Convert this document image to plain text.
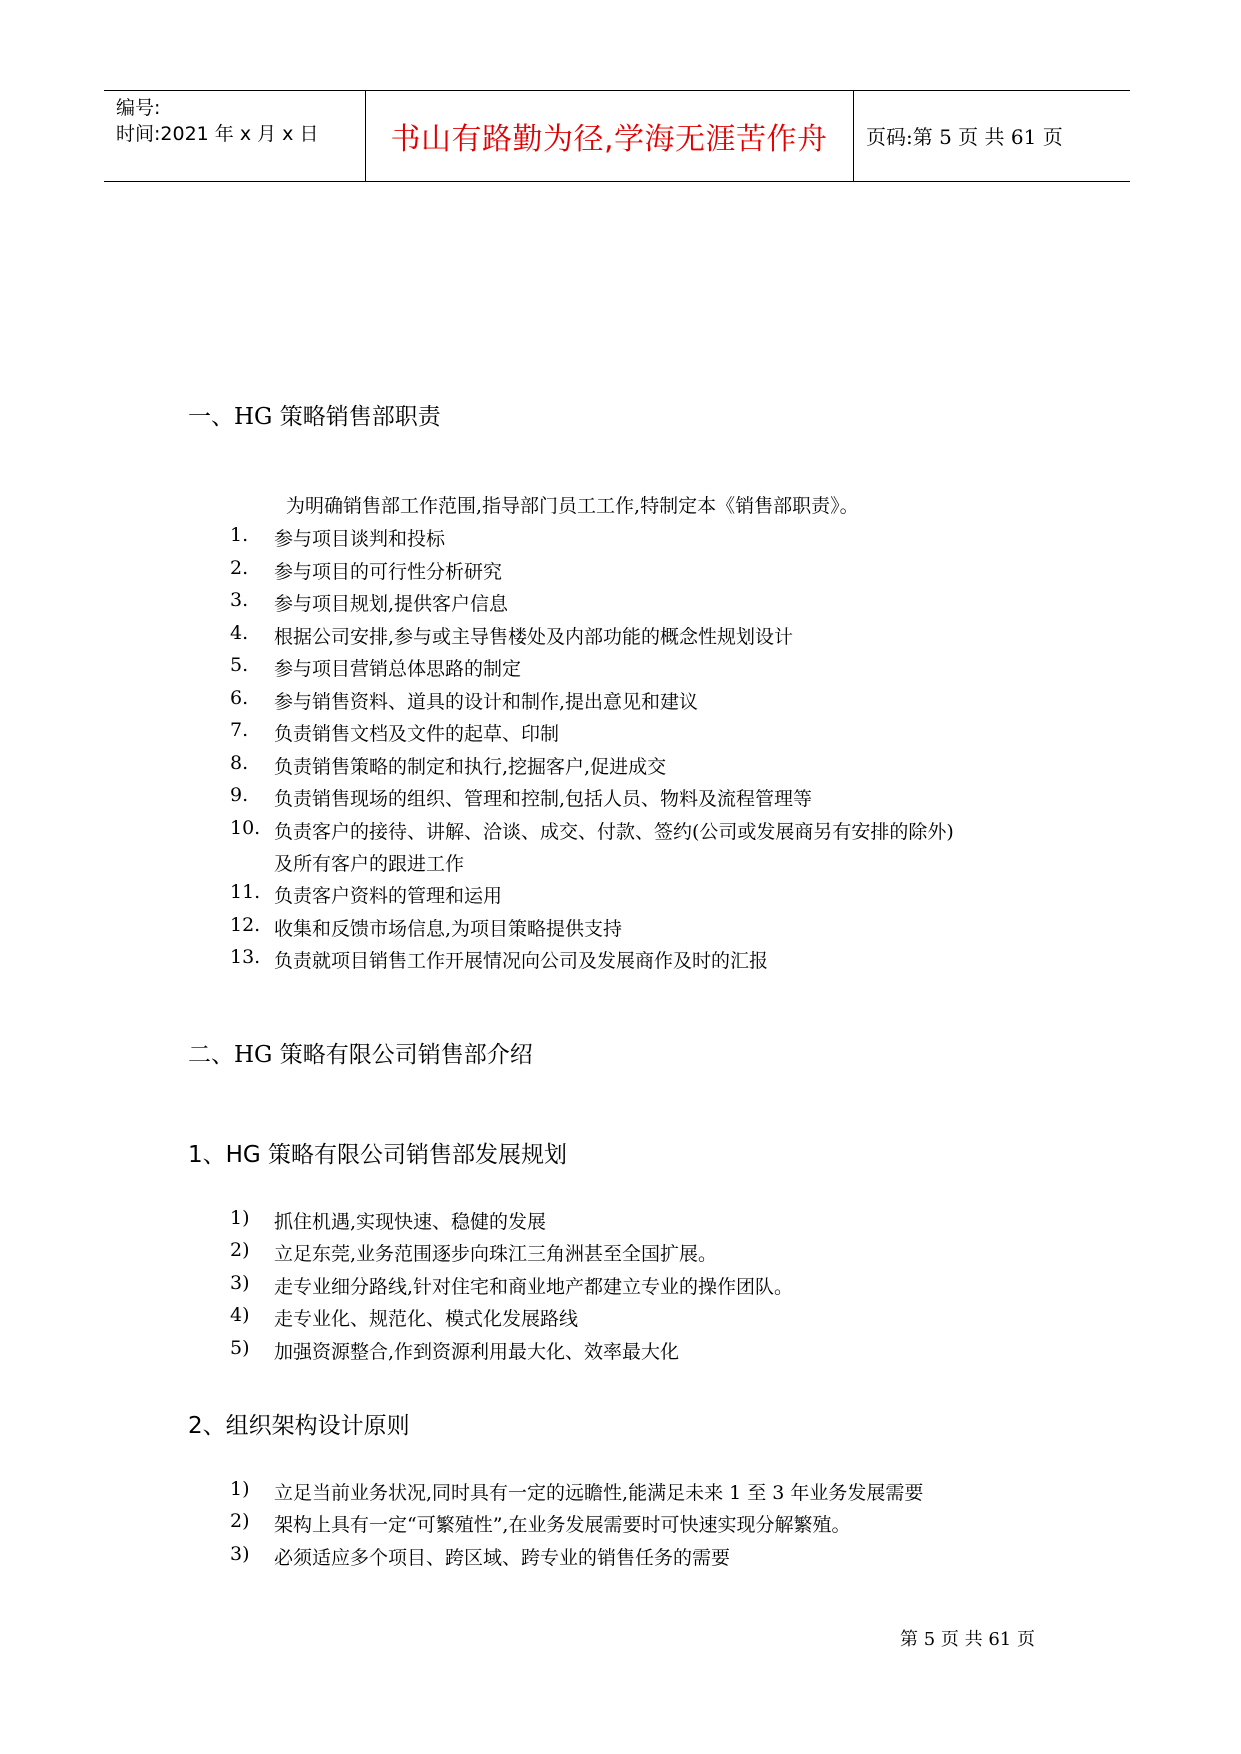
编号:
时间:2021 年 x 月 x 日	书山有路勤为径,学海无涯苦作舟	页码:第 5 页 共 61 页
一、HG 策略销售部职责
为明确销售部工作范围,指导部门员工工作,特制定本《销售部职责》。
1. 参与项目谈判和投标
2. 参与项目的可行性分析研究
3. 参与项目规划,提供客户信息
4. 根据公司安排,参与或主导售楼处及内部功能的概念性规划设计
5. 参与项目营销总体思路的制定
6. 参与销售资料、道具的设计和制作,提出意见和建议
7. 负责销售文档及文件的起草、印制
8. 负责销售策略的制定和执行,挖掘客户,促进成交
9. 负责销售现场的组织、管理和控制,包括人员、物料及流程管理等
10. 负责客户的接待、讲解、洽谈、成交、付款、签约(公司或发展商另有安排的除外)
及所有客户的跟进工作
11. 负责客户资料的管理和运用
12. 收集和反馈市场信息,为项目策略提供支持
13. 负责就项目销售工作开展情况向公司及发展商作及时的汇报
二、HG 策略有限公司销售部介绍
1、HG 策略有限公司销售部发展规划
1) 抓住机遇,实现快速、稳健的发展
2) 立足东莞,业务范围逐步向珠江三角洲甚至全国扩展。
3) 走专业细分路线,针对住宅和商业地产都建立专业的操作团队。
4) 走专业化、规范化、模式化发展路线
5) 加强资源整合,作到资源利用最大化、效率最大化
2、组织架构设计原则
1) 立足当前业务状况,同时具有一定的远瞻性,能满足未来 1 至 3 年业务发展需要
2) 架构上具有一定“可繁殖性”,在业务发展需要时可快速实现分解繁殖。
3) 必须适应多个项目、跨区域、跨专业的销售任务的需要
第 5 页 共 61 页
